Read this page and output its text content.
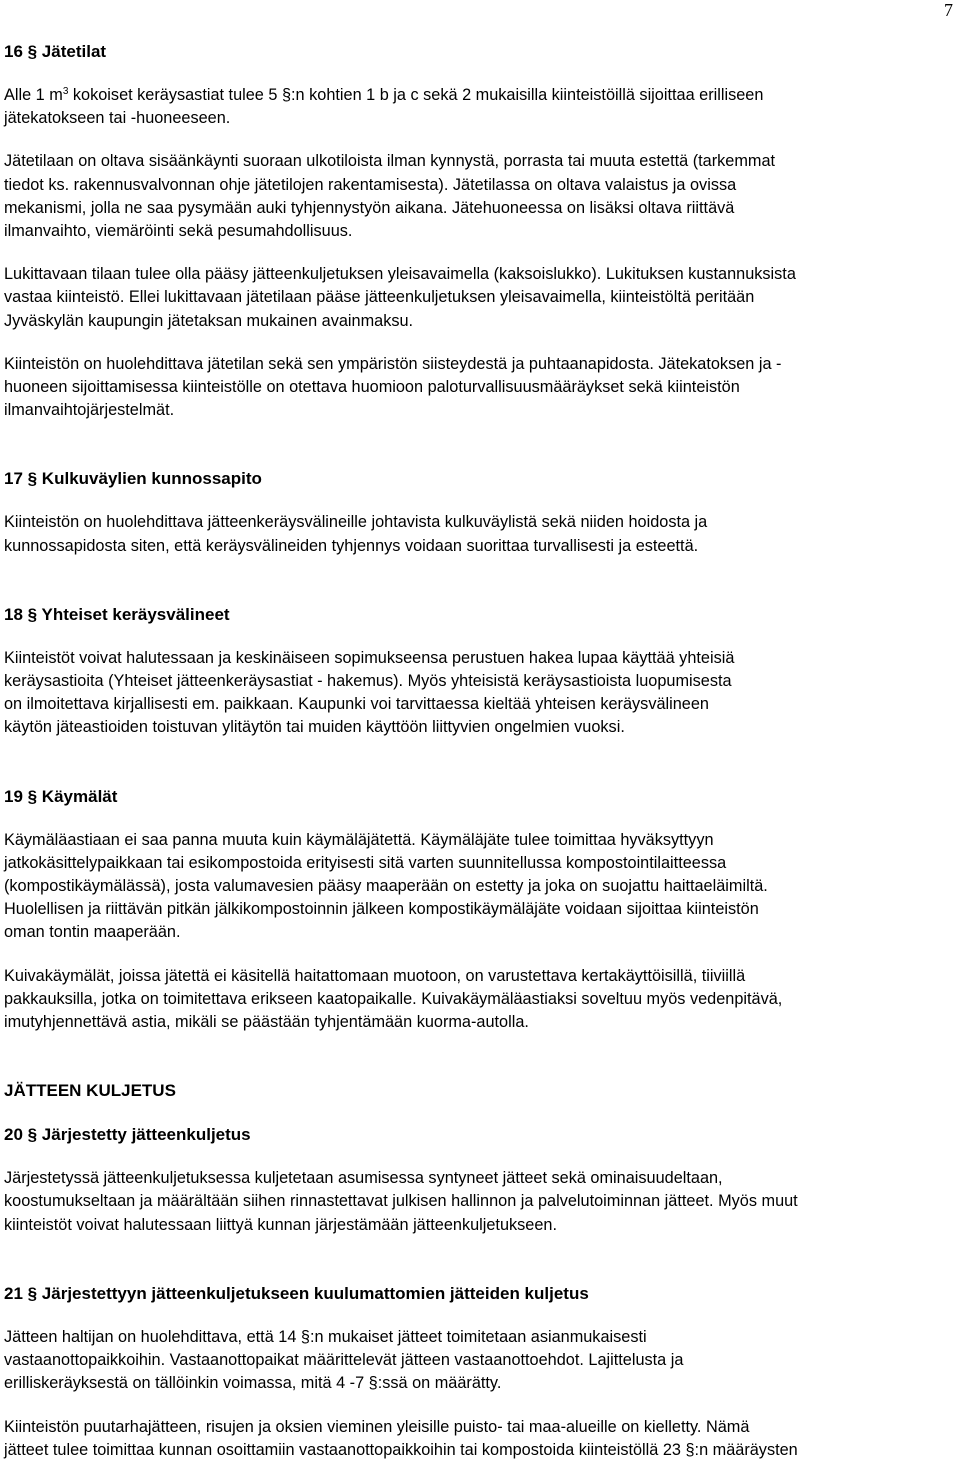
7
16 § Jätetilat

Alle 1 $m^3$ kokoiset keräysastiat tulee 5 §:n kohtien 1 b ja c sekä 2 mukaisilla kiinteistöillä sijoittaa erilliseen
jätekatokseen tai -huoneeseen.

Jätetilaan on oltava sisäänkäynti suoraan ulkotiloista ilman kynnystä, porrasta tai muuta estettä (tarkemmat
tiedot ks. rakennusvalvonnan ohje jätetilojen rakentamisesta). Jätetilassa on oltava valaistus ja ovissa
mekanismi, jolla ne saa pysymään auki tyhjennystyön aikana. Jätehuoneessa on lisäksi oltava riittävä
ilmanvaihto, viemäröinti sekä pesumahdollisuus.

Lukittavaan tilaan tulee olla pääsy jätteenkuljetuksen yleisavaimella (kaksoislukko). Lukituksen kustannuksista
vastaa kiinteistö. Ellei lukittavaan jätetilaan pääse jätteenkuljetuksen yleisavaimella, kiinteistöltä peritään
Jyväskylän kaupungin jätetaksan mukainen avainmaksu.

Kiinteistön on huolehdittava jätetilan sekä sen ympäristön siisteydestä ja puhtaanapidosta. Jätekatoksen ja -
huoneen sijoittamisessa kiinteistölle on otettava huomioon paloturvallisuusmääräykset sekä kiinteistön
ilmanvaihtojärjestelmät.

17 § Kulkuväylien kunnossapito

Kiinteistön on huolehdittava jätteenkeräysvälineille johtavista kulkuväylistä sekä niiden hoidosta ja
kunnossapidosta siten, että keräysvälineiden tyhjennys voidaan suorittaa turvallisesti ja esteettä.

18 § Yhteiset keräysvälineet

Kiinteistöt voivat halutessaan ja keskinäiseen sopimukseensa perustuen hakea lupaa käyttää yhteisiä
keräysastioita (Yhteiset jätteenkeräysastiat - hakemus). Myös yhteisistä keräysastioista luopumisesta
on ilmoitettava kirjallisesti em. paikkaan. Kaupunki voi tarvittaessa kieltää yhteisen keräysvälineen
käytön jäteastioiden toistuvan ylitäytön tai muiden käyttöön liittyvien ongelmien vuoksi.

19 § Käymälät

Käymäläastiaan ei saa panna muuta kuin käymäläjätettä. Käymäläjäte tulee toimittaa hyväksyttyyn
jatkokäsittelypaikkaan tai esikompostoida erityisesti sitä varten suunnitellussa kompostointilaitteessa
(kompostikäymälässä), josta valumavesien pääsy maaperään on estetty ja joka on suojattu haittaeläimiltä.
Huolellisen ja riittävän pitkän jälkikompostoinnin jälkeen kompostikäymäläjäte voidaan sijoittaa kiinteistön
oman tontin maaperään.

Kuivakäymälät, joissa jätettä ei käsitellä haitattomaan muotoon, on varustettava kertakäyttöisillä, tiiviillä
pakkauksilla, jotka on toimitettava erikseen kaatopaikalle. Kuivakäymäläastiaksi soveltuu myös vedenpitävä,
imutyhjennettävä astia, mikäli se päästään tyhjentämään kuorma-autolla.

JÄTTEEN KULJETUS
20 § Järjestetty jätteenkuljetus

Järjestetyssä jätteenkuljetuksessa kuljetetaan asumisessa syntyneet jätteet sekä ominaisuudeltaan,
koostumukseltaan ja määrältään siihen rinnastettavat julkisen hallinnon ja palvelutoiminnan jätteet. Myös muut
kiinteistöt voivat halutessaan liittyä kunnan järjestämään jätteenkuljetukseen.

21 § Järjestettyyn jätteenkuljetukseen kuulumattomien jätteiden kuljetus

Jätteen haltijan on huolehdittava, että 14 §:n mukaiset jätteet toimitetaan asianmukaisesti
vastaanottopaikkoihin. Vastaanottopaikat määrittelevät jätteen vastaanottoehdot. Lajittelusta ja
erilliskeräyksestä on tällöinkin voimassa, mitä 4 -7 §:ssä on määrätty.

Kiinteistön puutarhajätteen, risujen ja oksien vieminen yleisille puisto- tai maa-alueille on kielletty. Nämä
jätteet tulee toimittaa kunnan osoittamiin vastaanottopaikkoihin tai kompostoida kiinteistöllä 23 §:n määräysten
